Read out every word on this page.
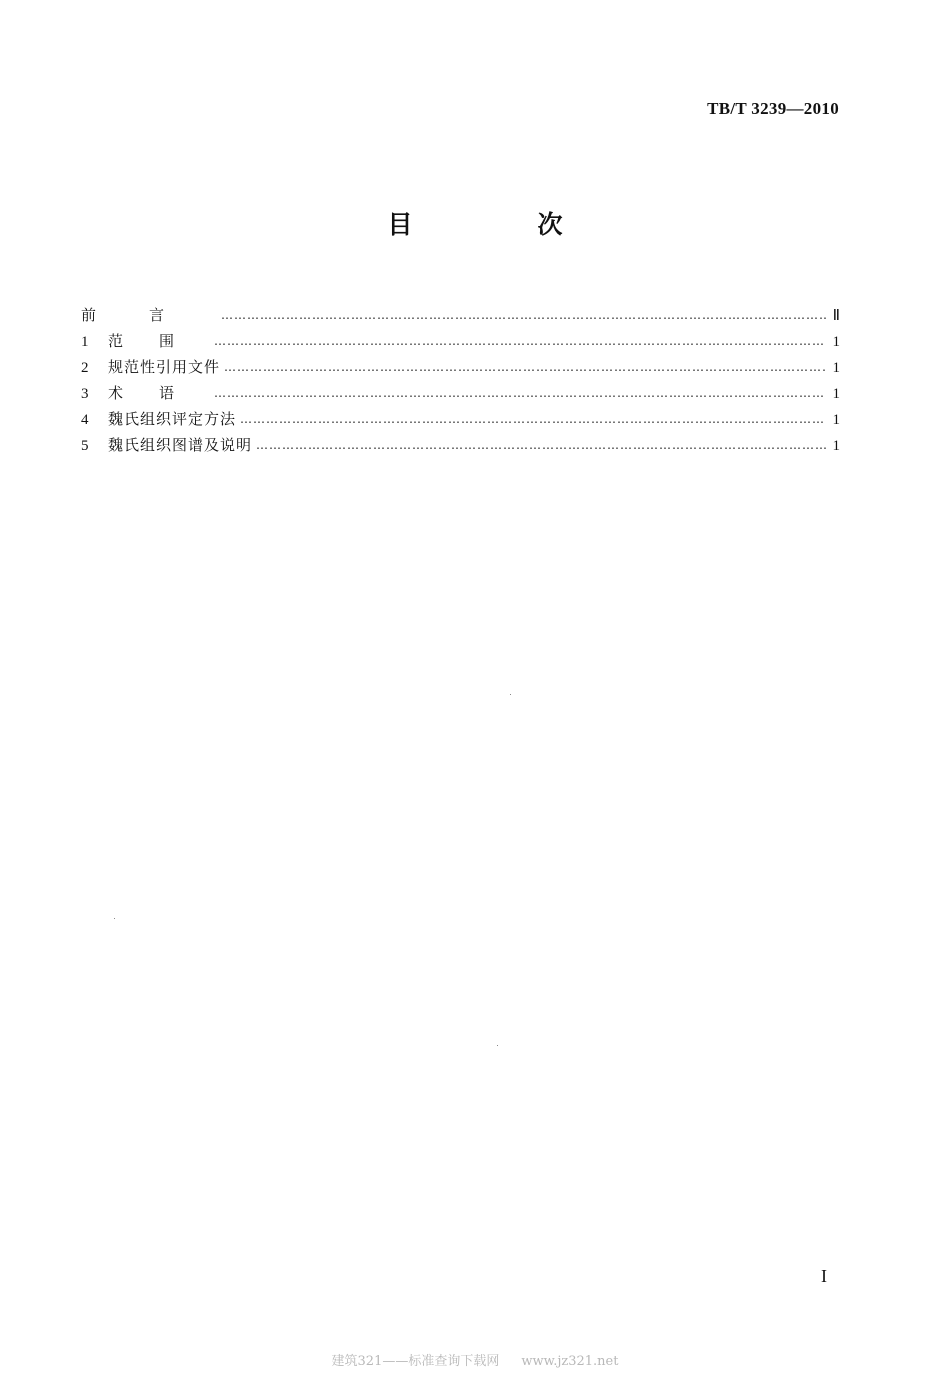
TB/T 3239—2010
目　次
前言 ……………………………………………………………………………………………………………………………………………………………………………………………………	Ⅱ
1	范围 ……………………………………………………………………………………………………………………………………………………………………………………………………	1
2	规范性引用文件 ……………………………………………………………………………………………………………………………………………………………………………………………………	1
3	术语 ……………………………………………………………………………………………………………………………………………………………………………………………………	1
4	魏氏组织评定方法 ……………………………………………………………………………………………………………………………………………………………………………………………………	1
5	魏氏组织图谱及说明 ……………………………………………………………………………………………………………………………………………………………………………………………………	1
I
建筑321——标准查询下载网 www.jz321.net
